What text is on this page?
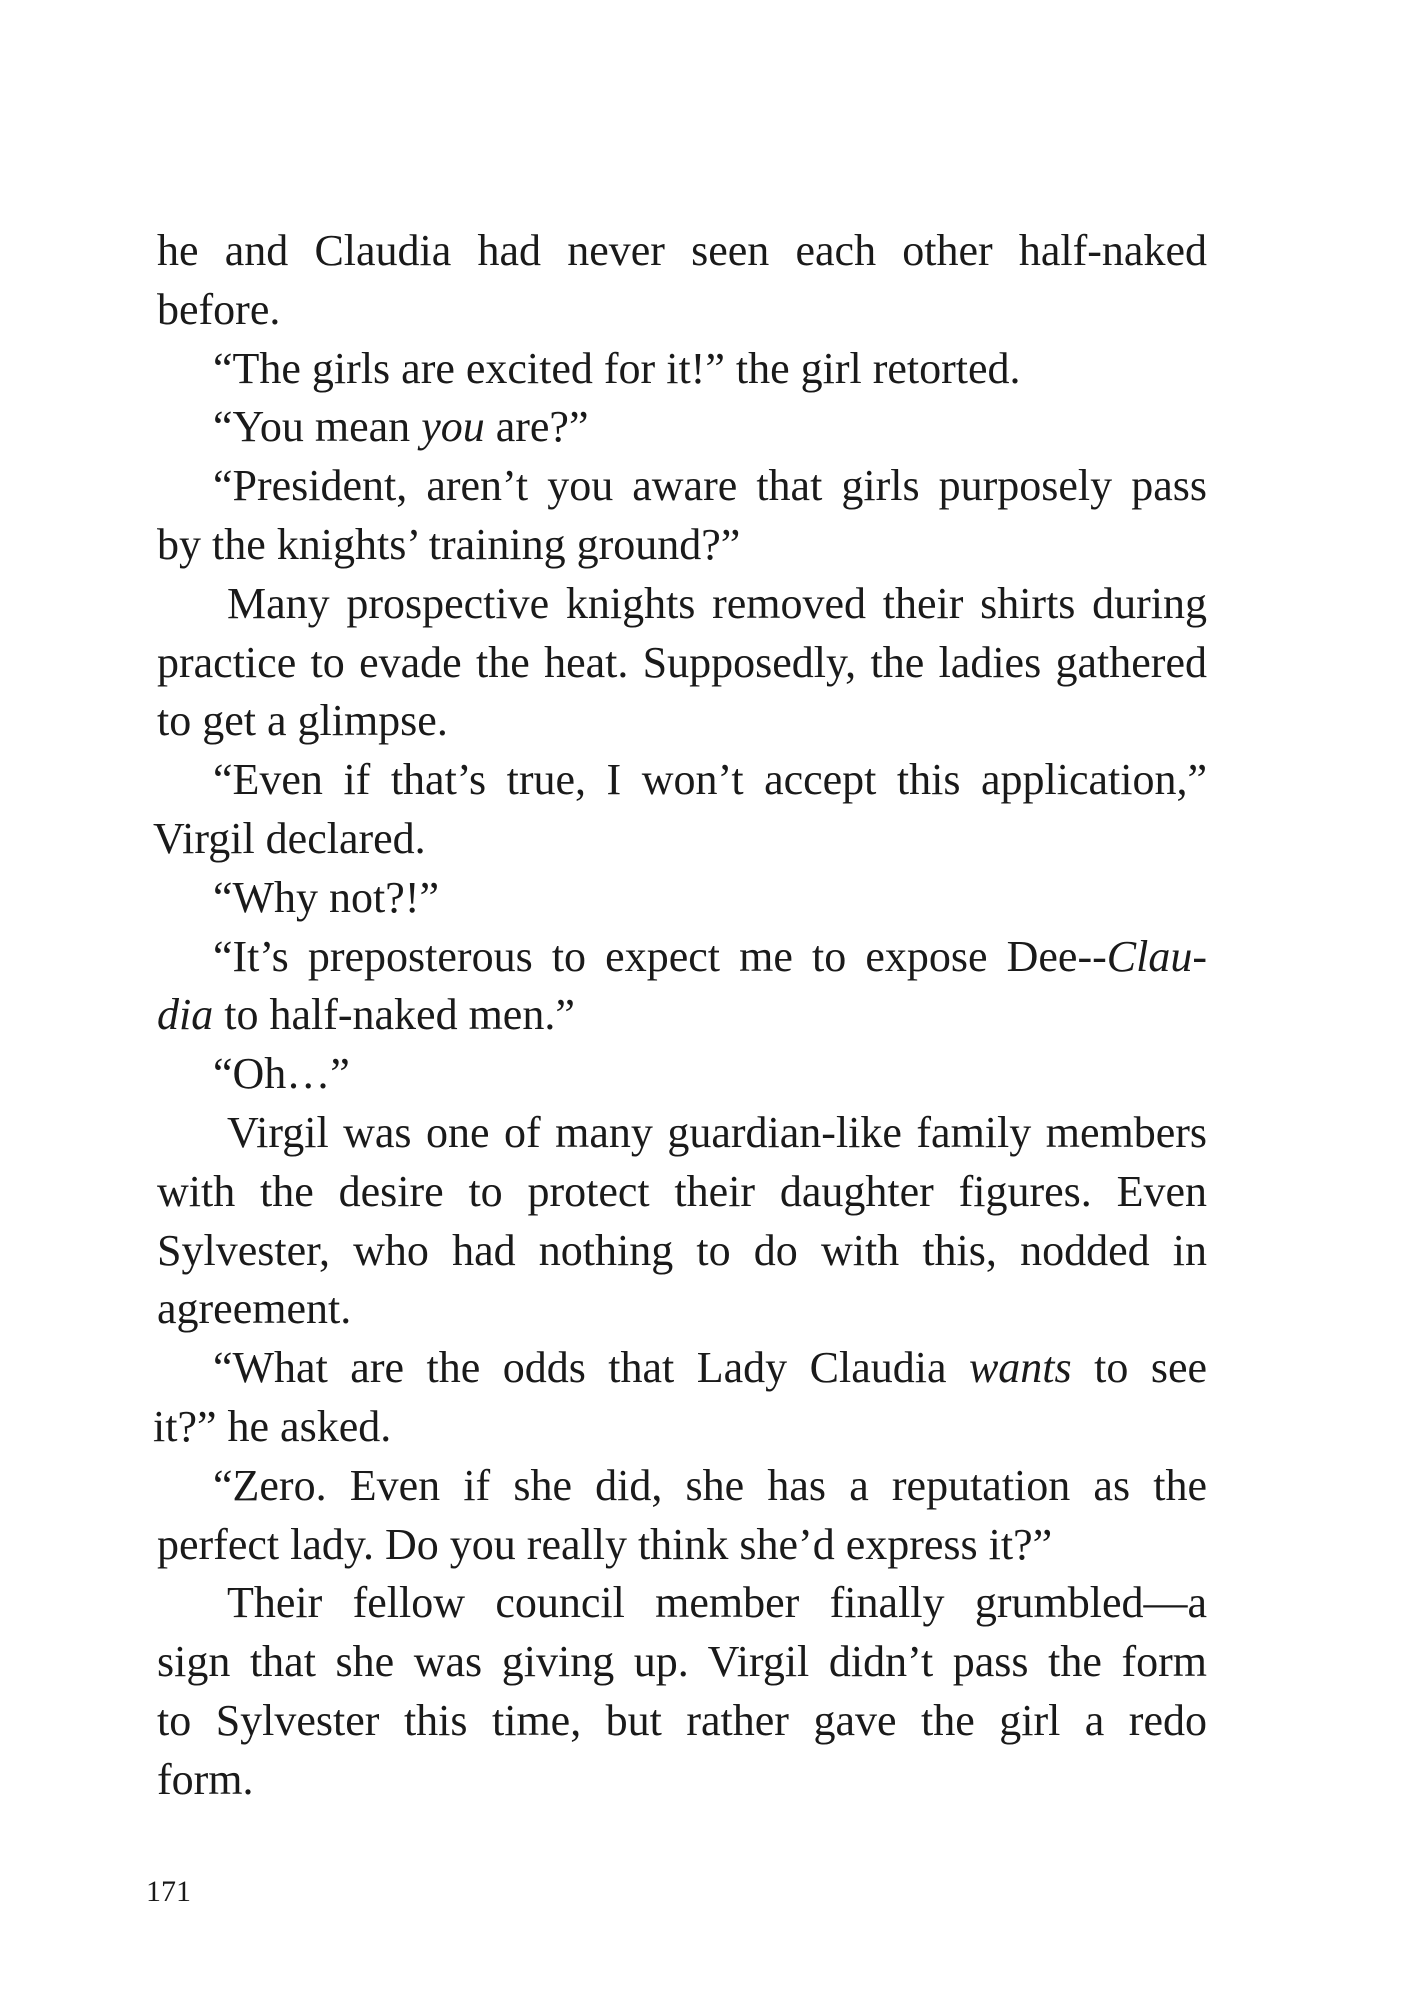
he and Claudia had never seen each other half-naked
before.
“The girls are excited for it!” the girl retorted.
“You mean you are?”
“President, aren’t you aware that girls purposely pass
by the knights’ training ground?”
Many prospective knights removed their shirts during
practice to evade the heat. Supposedly, the ladies gathered
to get a glimpse.
“Even if that’s true, I won’t accept this application,”
Virgil declared.
“Why not?!”
“It’s preposterous to expect me to expose Dee--Clau-
dia to half-naked men.”
“Oh…”
Virgil was one of many guardian-like family members
with the desire to protect their daughter figures. Even
Sylvester, who had nothing to do with this, nodded in
agreement.
“What are the odds that Lady Claudia wants to see
it?” he asked.
“Zero. Even if she did, she has a reputation as the
perfect lady. Do you really think she’d express it?”
Their fellow council member finally grumbled—a
sign that she was giving up. Virgil didn’t pass the form
to Sylvester this time, but rather gave the girl a redo
form.
171
